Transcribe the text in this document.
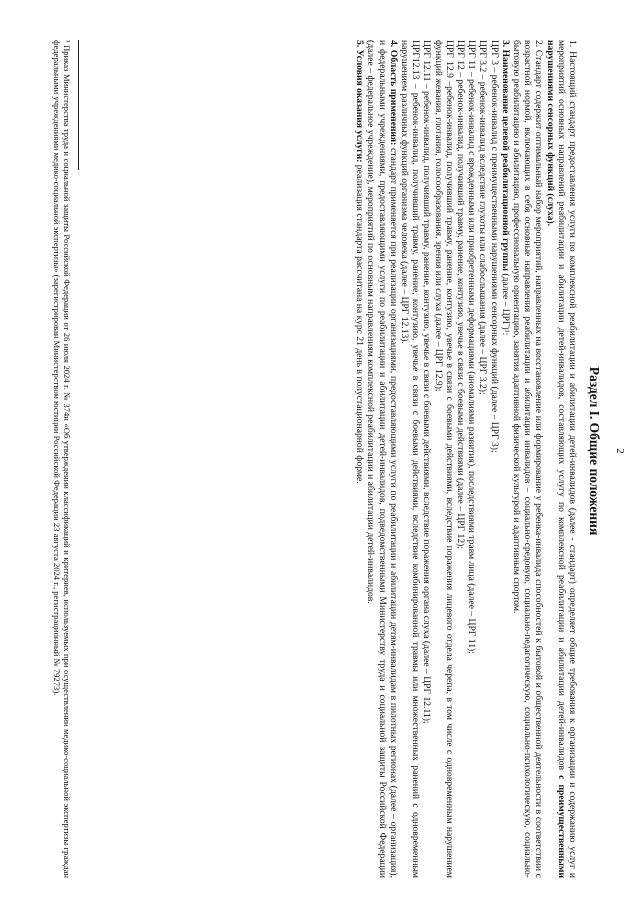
2
Раздел I. Общие положения

1. Настоящий стандарт предоставления услуги по комплексной реабилитации и абилитации детей-инвалидов (далее - стандарт) определяет общие требования к организации и содержанию услуг и мероприятий основных направлений реабилитации и абилитации детей-инвалидов, составляющих услугу по комплексной реабилитации и абилитации детей-инвалидов с преимущественными нарушениями сенсорных функций (слуха).

2. Стандарт содержит оптимальный набор мероприятий, направленных на восстановление или формирование у ребенка-инвалида способностей к бытовой и общественной деятельности в соответствии с возрастной нормой, включающих в себя основные направления реабилитации и абилитации инвалидов – социально-средовую, социально-педагогическую, социально-психологическую, социально-бытовую реабилитацию и абилитацию, профессиональную ориентацию, занятия адаптивной физической культурой и адаптивным спортом.

3. Наименование целевой реабилитационной группы (далее – ЦРГ)¹:

ЦРГ 3 – ребенок-инвалид с преимущественными нарушениями сенсорных функций (далее – ЦРГ 3);

ЦРГ 3.2 – ребенок-инвалид вследствие глухоты или слабослышания (далее – ЦРГ 3.2);

ЦРГ 11 – ребенок-инвалид с врожденными или приобретенными деформациями (аномалиями развития), последствиями травм лица (далее – ЦРГ 11);

ЦРГ 12 – ребенок-инвалид, получивший травму, ранение, контузию, увечье в связи с боевыми действиями (далее – ЦРГ 12);

ЦРГ 12.9 –ребенок-инвалид, получивший травму, ранение, контузию, увечье в связи с боевыми действиями, вследствие поражения лицевого отдела черепа, в том числе с одновременным нарушением функций жевания, глотания, голосообразования, зрения или слуха (далее – ЦРГ 12.9);

ЦРГ 12.11 – ребенок-инвалид, получивший травму, ранение, контузию, увечье в связи с боевыми действиями, вследствие поражения органа слуха (далее – ЦРГ 12.11);

ЦРГ12.13 – ребенок-инвалид, получивший травму, ранение, контузию, увечье в связи с боевыми действиями, вследствие комбинированной травмы или множественных ранений с одновременным нарушением различных функций организма человека (далее – ЦРГ 12.13).

4. Область применения: стандарт применяется при реализации организациями, предоставляющими услуги по реабилитации и абилитации детям-инвалидам в пилотных регионах (далее – организация), и федеральными учреждениями, предоставляющими услуги по реабилитации и абилитации детей-инвалидов, подведомственными Министерству труда и социальной защиты Российской Федерации (далее – федеральное учреждение), мероприятий по основным направлениям комплексной реабилитации и абилитации детей-инвалидов.

5. Условия оказания услуги: реализация стандарта рассчитана на курс 21 день в полустационарной форме.

¹ Приказ Министерства труда и социальной защиты Российской Федерации от 26 июля 2024 г. № 374н «Об утверждении классификаций и критериев, используемых при осуществлении медико-социальной экспертизы граждан федеральными учреждениями медико-социальной экспертизы» (зарегистрирован Министерством юстиции Российской Федерации 23 августа 2024 г., регистрационный № 79273).
